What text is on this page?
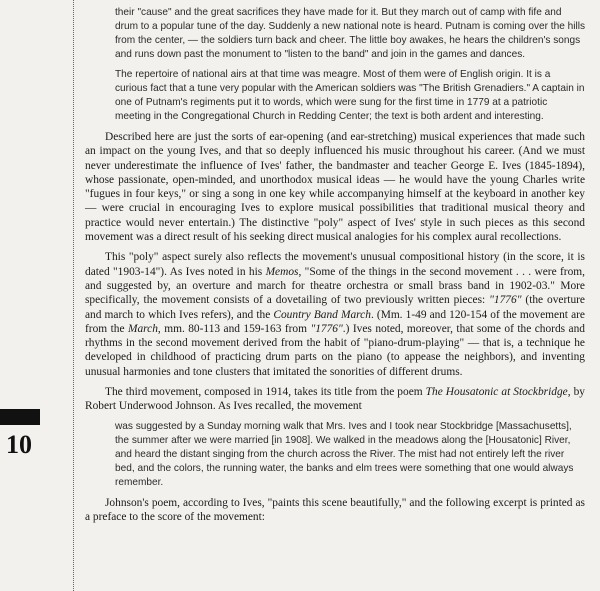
10

their "cause" and the great sacrifices they have made for it. But they march out of camp with fife and drum to a popular tune of the day. Suddenly a new national note is heard. Putnam is coming over the hills from the center, — the soldiers turn back and cheer. The little boy awakes, he hears the children's songs and runs down past the monument to "listen to the band" and join in the games and dances.

The repertoire of national airs at that time was meagre. Most of them were of English origin. It is a curious fact that a tune very popular with the American soldiers was "The British Grenadiers." A captain in one of Putnam's regiments put it to words, which were sung for the first time in 1779 at a patriotic meeting in the Congregational Church in Redding Center; the text is both ardent and interesting.

Described here are just the sorts of ear-opening (and ear-stretching) musical experiences that made such an impact on the young Ives, and that so deeply influenced his music throughout his career. (And we must never underestimate the influence of Ives' father, the bandmaster and teacher George E. Ives (1845-1894), whose passionate, open-minded, and unorthodox musical ideas — he would have the young Charles write "fugues in four keys," or sing a song in one key while accompanying himself at the keyboard in another key — were crucial in encouraging Ives to explore musical possibilities that traditional musical theory and practice would never entertain.) The distinctive "poly" aspect of Ives' style in such pieces as this second movement was a direct result of his seeking direct musical analogies for his complex aural recollections.

This "poly" aspect surely also reflects the movement's unusual compositional history (in the score, it is dated "1903-14"). As Ives noted in his Memos, "Some of the things in the second movement . . . were from, and suggested by, an overture and march for theatre orchestra or small brass band in 1902-03." More specifically, the movement consists of a dovetailing of two previously written pieces: "1776" (the overture and march to which Ives refers), and the Country Band March. (Mm. 1-49 and 120-154 of the movement are from the March, mm. 80-113 and 159-163 from "1776".) Ives noted, moreover, that some of the chords and rhythms in the second movement derived from the habit of "piano-drum-playing" — that is, a technique he developed in childhood of practicing drum parts on the piano (to appease the neighbors), and inventing unusual harmonies and tone clusters that imitated the sonorities of different drums.

The third movement, composed in 1914, takes its title from the poem The Housatonic at Stockbridge, by Robert Underwood Johnson. As Ives recalled, the movement

was suggested by a Sunday morning walk that Mrs. Ives and I took near Stockbridge [Massachusetts], the summer after we were married [in 1908]. We walked in the meadows along the [Housatonic] River, and heard the distant singing from the church across the River. The mist had not entirely left the river bed, and the colors, the running water, the banks and elm trees were something that one would always remember.

Johnson's poem, according to Ives, "paints this scene beautifully," and the following excerpt is printed as a preface to the score of the movement:
